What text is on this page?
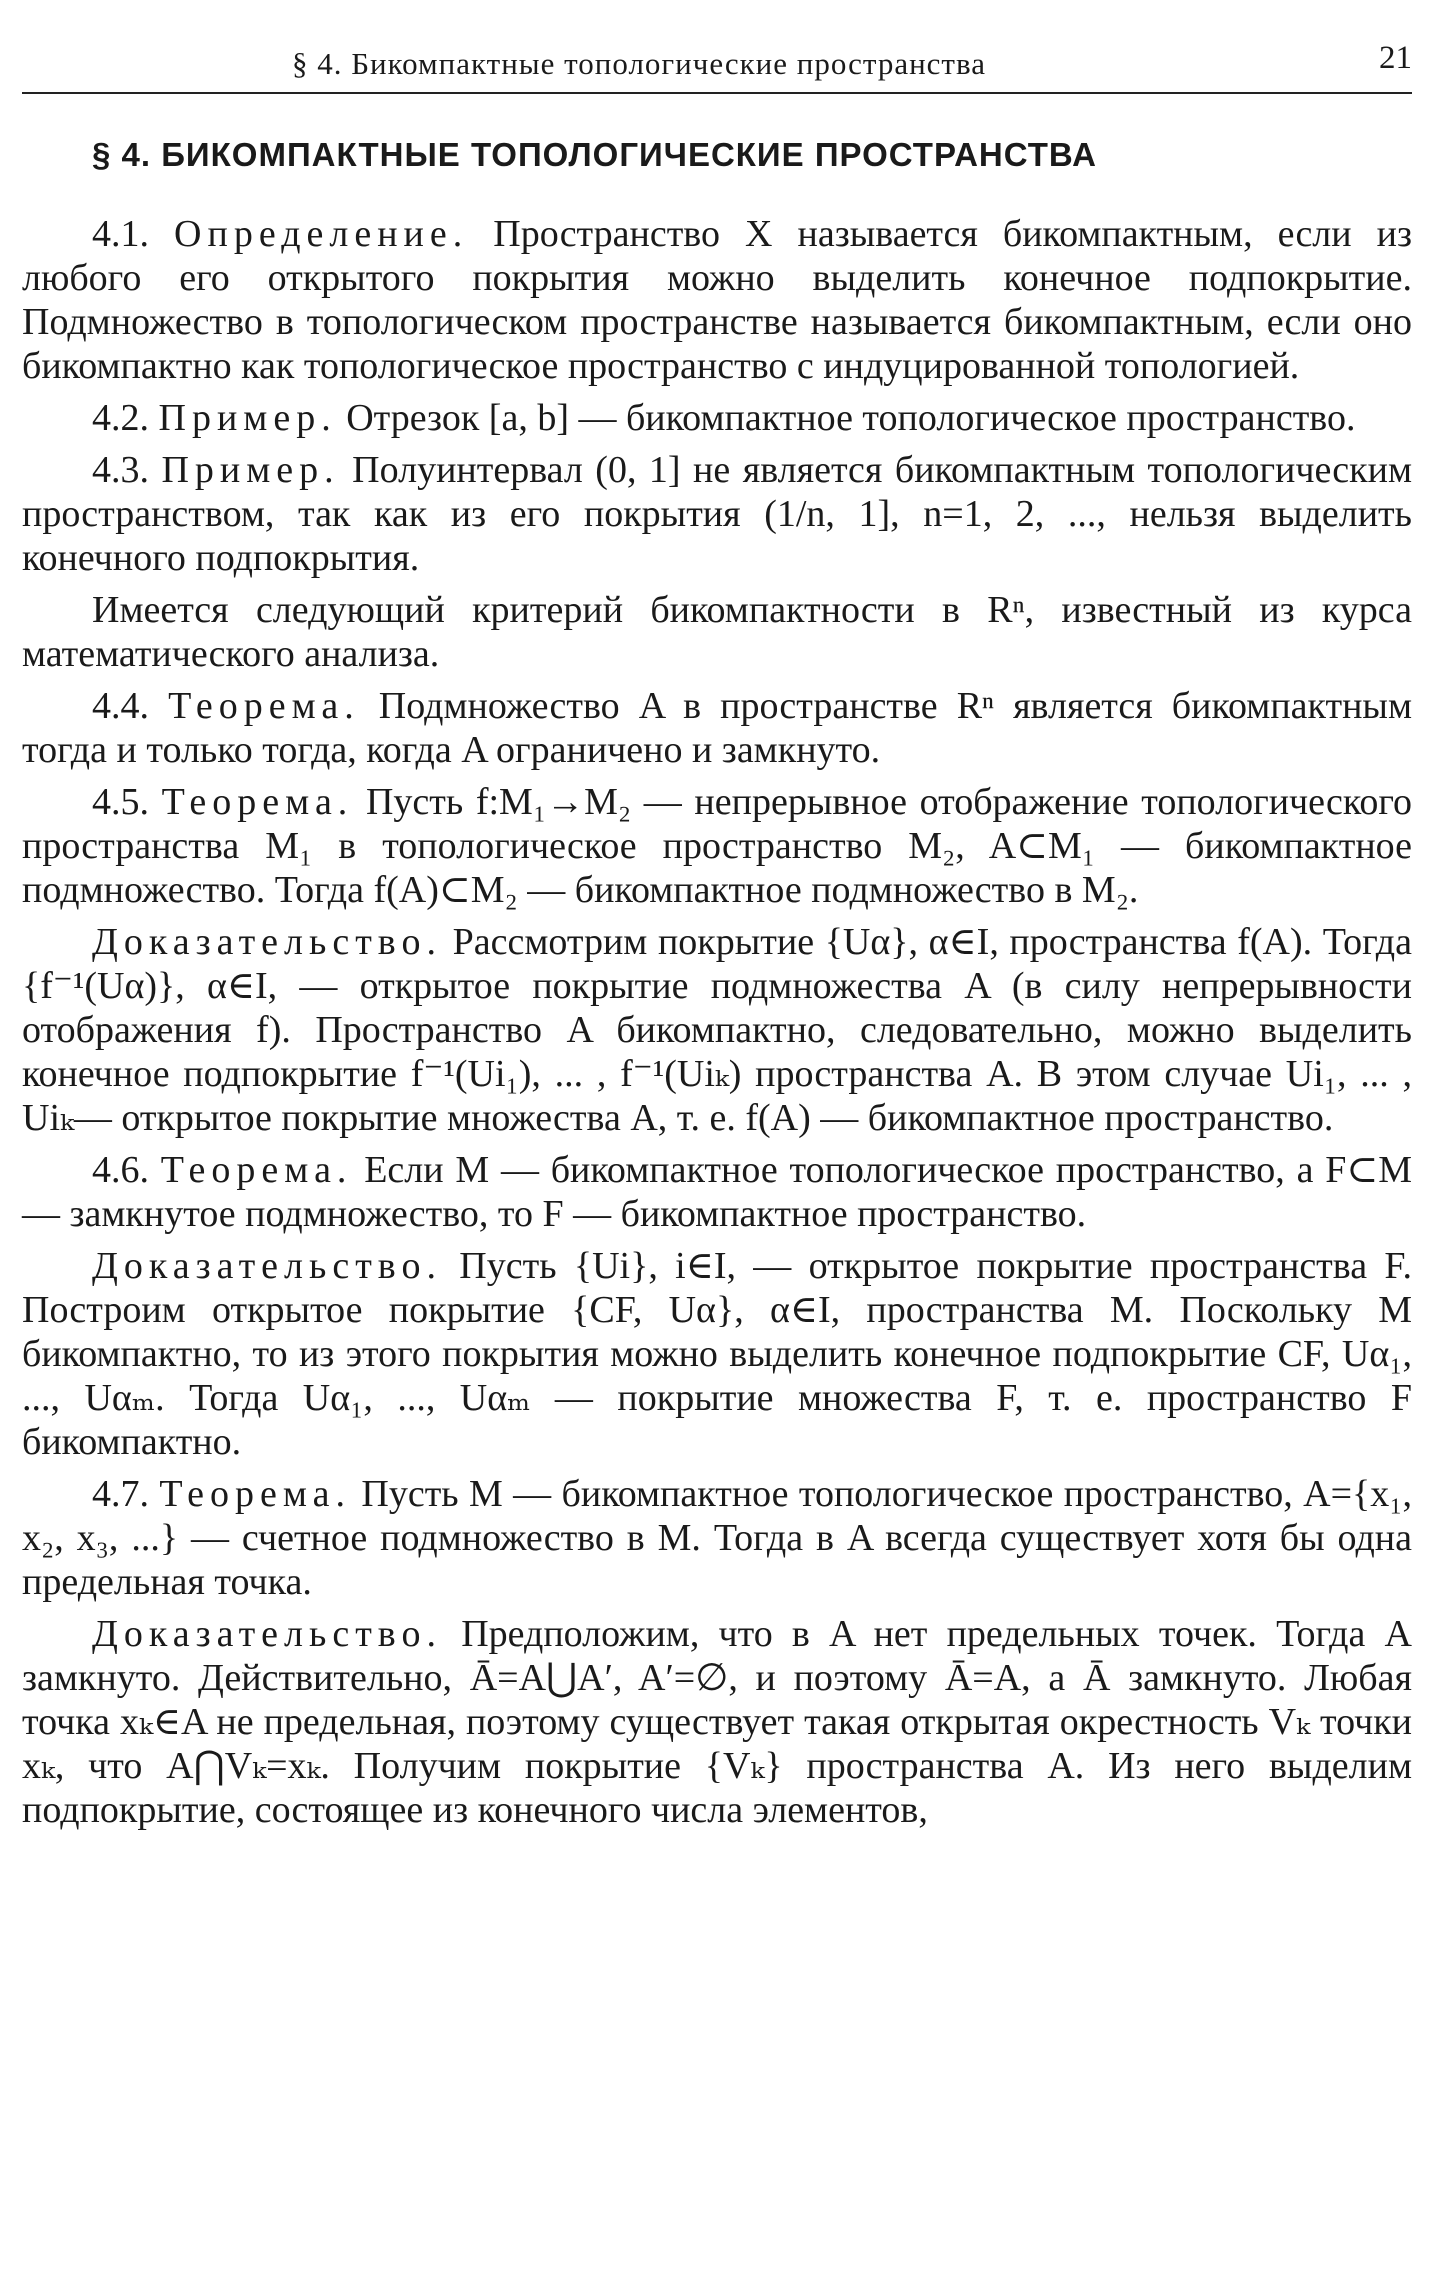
§ 4. Бикомпактные топологические пространства	21
§ 4. БИКОМПАКТНЫЕ ТОПОЛОГИЧЕСКИЕ ПРОСТРАНСТВА

4.1. Определение. Пространство X называется бикомпактным, если из любого его открытого покрытия можно выделить конечное подпокрытие. Подмножество в топологическом пространстве называется бикомпактным, если оно бикомпактно как топологическое пространство с индуцированной топологией.

4.2. Пример. Отрезок [a, b] — бикомпактное топологическое пространство.

4.3. Пример. Полуинтервал (0, 1] не является бикомпактным топологическим пространством, так как из его покрытия (1/n, 1], n=1, 2, ..., нельзя выделить конечного подпокрытия.

Имеется следующий критерий бикомпактности в Rⁿ, известный из курса математического анализа.

4.4. Теорема. Подмножество A в пространстве Rⁿ является бикомпактным тогда и только тогда, когда A ограничено и замкнуто.

4.5. Теорема. Пусть f:M₁→M₂ — непрерывное отображение топологического пространства M₁ в топологическое пространство M₂, A⊂M₁ — бикомпактное подмножество. Тогда f(A)⊂M₂ — бикомпактное подмножество в M₂.

Доказательство. Рассмотрим покрытие {Uα}, α∈I, пространства f(A). Тогда {f⁻¹(Uα)}, α∈I, — открытое покрытие подмножества A (в силу непрерывности отображения f). Пространство A бикомпактно, следовательно, можно выделить конечное подпокрытие f⁻¹(Ui₁), ... , f⁻¹(Uiₖ) пространства A. В этом случае Ui₁, ... , Uiₖ— открытое покрытие множества A, т. е. f(A) — бикомпактное пространство.

4.6. Теорема. Если M — бикомпактное топологическое пространство, а F⊂M — замкнутое подмножество, то F — бикомпактное пространство.

Доказательство. Пусть {Ui}, i∈I, — открытое покрытие пространства F. Построим открытое покрытие {CF, Uα}, α∈I, пространства M. Поскольку M бикомпактно, то из этого покрытия можно выделить конечное подпокрытие CF, Uα₁, ..., Uαₘ. Тогда Uα₁, ..., Uαₘ — покрытие множества F, т. е. пространство F бикомпактно.

4.7. Теорема. Пусть M — бикомпактное топологическое пространство, A={x₁, x₂, x₃, ...} — счетное подмножество в M. Тогда в A всегда существует хотя бы одна предельная точка.

Доказательство. Предположим, что в A нет предельных точек. Тогда A замкнуто. Действительно, Ā=A⋃A′, A′=∅, и поэтому Ā=A, а Ā замкнуто. Любая точка xₖ∈A не предельная, поэтому существует такая открытая окрестность Vₖ точки xₖ, что A⋂Vₖ=xₖ. Получим покрытие {Vₖ} пространства A. Из него выделим подпокрытие, состоящее из конечного числа элементов,
